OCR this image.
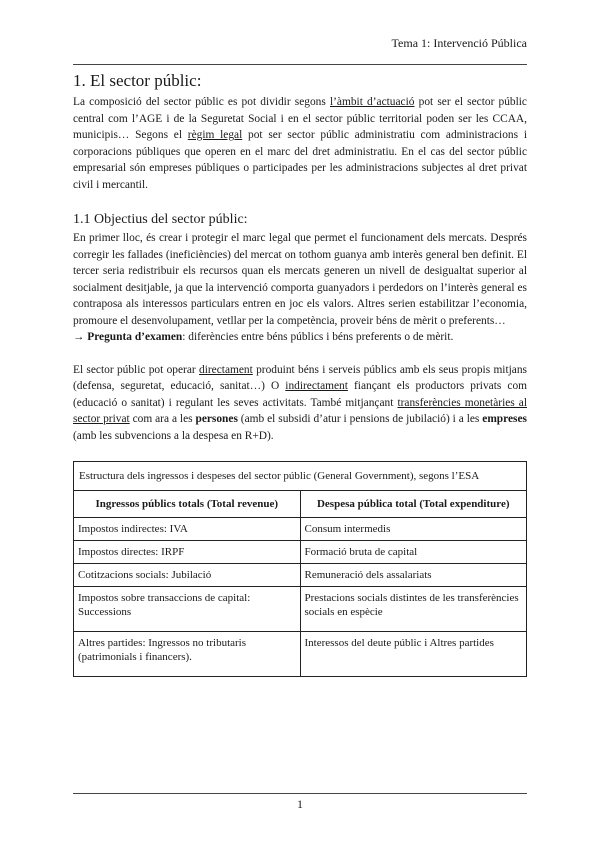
Tema 1: Intervenció Pública
1. El sector públic:

La composició del sector públic es pot dividir segons l’àmbit d’actuació pot ser el sector públic central com l’AGE i de la Seguretat Social i en el sector públic territorial poden ser les CCAA, municipis… Segons el règim legal pot ser sector públic administratiu com administracions i corporacions públiques que operen en el marc del dret administratiu. En el cas del sector públic empresarial són empreses públiques o participades per les administracions subjectes al dret privat civil i mercantil.

1.1 Objectius del sector públic:

En primer lloc, és crear i protegir el marc legal que permet el funcionament dels mercats. Després corregir les fallades (ineficiències) del mercat on tothom guanya amb interès general ben definit. El tercer seria redistribuir els recursos quan els mercats generen un nivell de desigualtat superior al socialment desitjable, ja que la intervenció comporta guanyadors i perdedors on l’interès general es contraposa als interessos particulars entren en joc els valors. Altres serien estabilitzar l’economia, promoure el desenvolupament, vetllar per la competència, proveir béns de mèrit o preferents…

→ Pregunta d’examen: diferències entre béns públics i béns preferents o de mèrit.

El sector públic pot operar directament produint béns i serveis públics amb els seus propis mitjans (defensa, seguretat, educació, sanitat…) O indirectament fiançant els productors privats com (educació o sanitat) i regulant les seves activitats. També mitjançant transferències monetàries al sector privat com ara a les persones (amb el subsidi d’atur i pensions de jubilació) i a les empreses (amb les subvencions a la despesa en R+D).

Estructura dels ingressos i despeses del sector públic (General Government), segons l’ESA	
Ingressos públics totals (Total revenue)	Despesa pública total (Total expenditure)
Impostos indirectes: IVA	Consum intermedis
Impostos directes: IRPF	Formació bruta de capital
Cotitzacions socials: Jubilació	Remuneració dels assalariats
Impostos sobre transaccions de capital: Successions	Prestacions socials distintes de les transferències socials en espècie
Altres partides: Ingressos no tributaris (patrimonials i financers).	Interessos del deute públic i Altres partides
1
